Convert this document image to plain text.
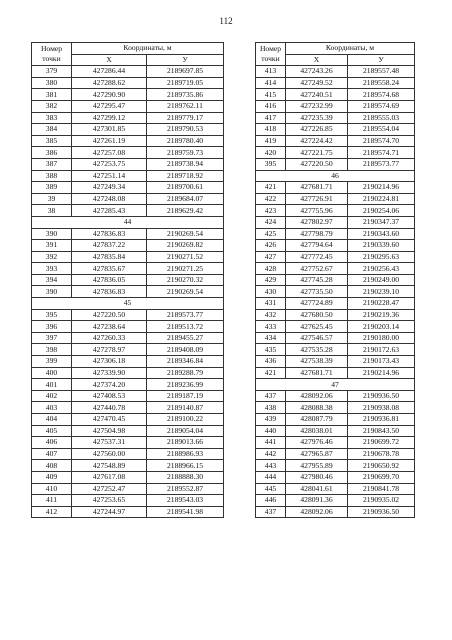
112
Номер точки	Координаты, м	
	Х	У
379	427286.44	2189697.85
380	427288.62	2189719.05
381	427290.90	2189735.86
382	427295.47	2189762.11
383	427299.12	2189779.17
384	427301.85	2189790.53
385	427261.19	2189780.40
386	427257.08	2189759.73
387	427253.75	2189738.94
388	427251.14	2189718.92
389	427249.34	2189700.61
39	427248.08	2189684.07
38	427285.43	2189629.42
44		
390	427836.83	2190269.54
391	427837.22	2190269.82
392	427835.84	2190271.52
393	427835.67	2190271.25
394	427836.05	2190270.32
390	427836.83	2190269.54
45		
395	427220.50	2189573.77
396	427238.64	2189513.72
397	427260.33	2189455.27
398	427278.97	2189408.09
399	427306.18	2189346.84
400	427339.90	2189288.79
401	427374.20	2189236.99
402	427408.53	2189187.19
403	427440.78	2189140.87
404	427470.45	2189100.22
405	427504.98	2189054.04
406	427537.31	2189013.66
407	427560.00	2188986.93
408	427548.89	2188966.15
409	427617.08	2188888.30
410	427252.47	2189552.87
411	427253.65	2189543.03
412	427244.97	2189541.98
Номер точки	Координаты, м	
	Х	У
413	427243.26	2189557.48
414	427249.52	2189558.24
415	427240.51	2189574.68
416	427232.99	2189574.69
417	427235.39	2189555.03
418	427226.85	2189554.04
419	427224.42	2189574.70
420	427221.75	2189574.71
395	427220.50	2189573.77
46		
421	427681.71	2190214.96
422	427726.91	2190224.81
423	427755.96	2190254.06
424	427802.97	2190347.37
425	427798.79	2190343.60
426	427794.64	2190339.60
427	427772.45	2190295.63
428	427752.67	2190256.43
429	427745.28	2190249.00
430	427735.50	2190239.10
431	427724.89	2190228.47
432	427680.50	2190219.36
433	427625.45	2190203.14
434	427546.57	2190180.00
435	427535.28	2190172.63
436	427538.39	2190173.43
421	427681.71	2190214.96
47		
437	428092.06	2190936.50
438	428088.38	2190938.08
439	428087.79	2190936.81
440	428038.01	2190843.50
441	427976.46	2190699.72
442	427965.87	2190678.78
443	427955.89	2190650.92
444	427980.46	2190699.70
445	428041.61	2190841.78
446	428091.36	2190935.02
437	428092.06	2190936.50
